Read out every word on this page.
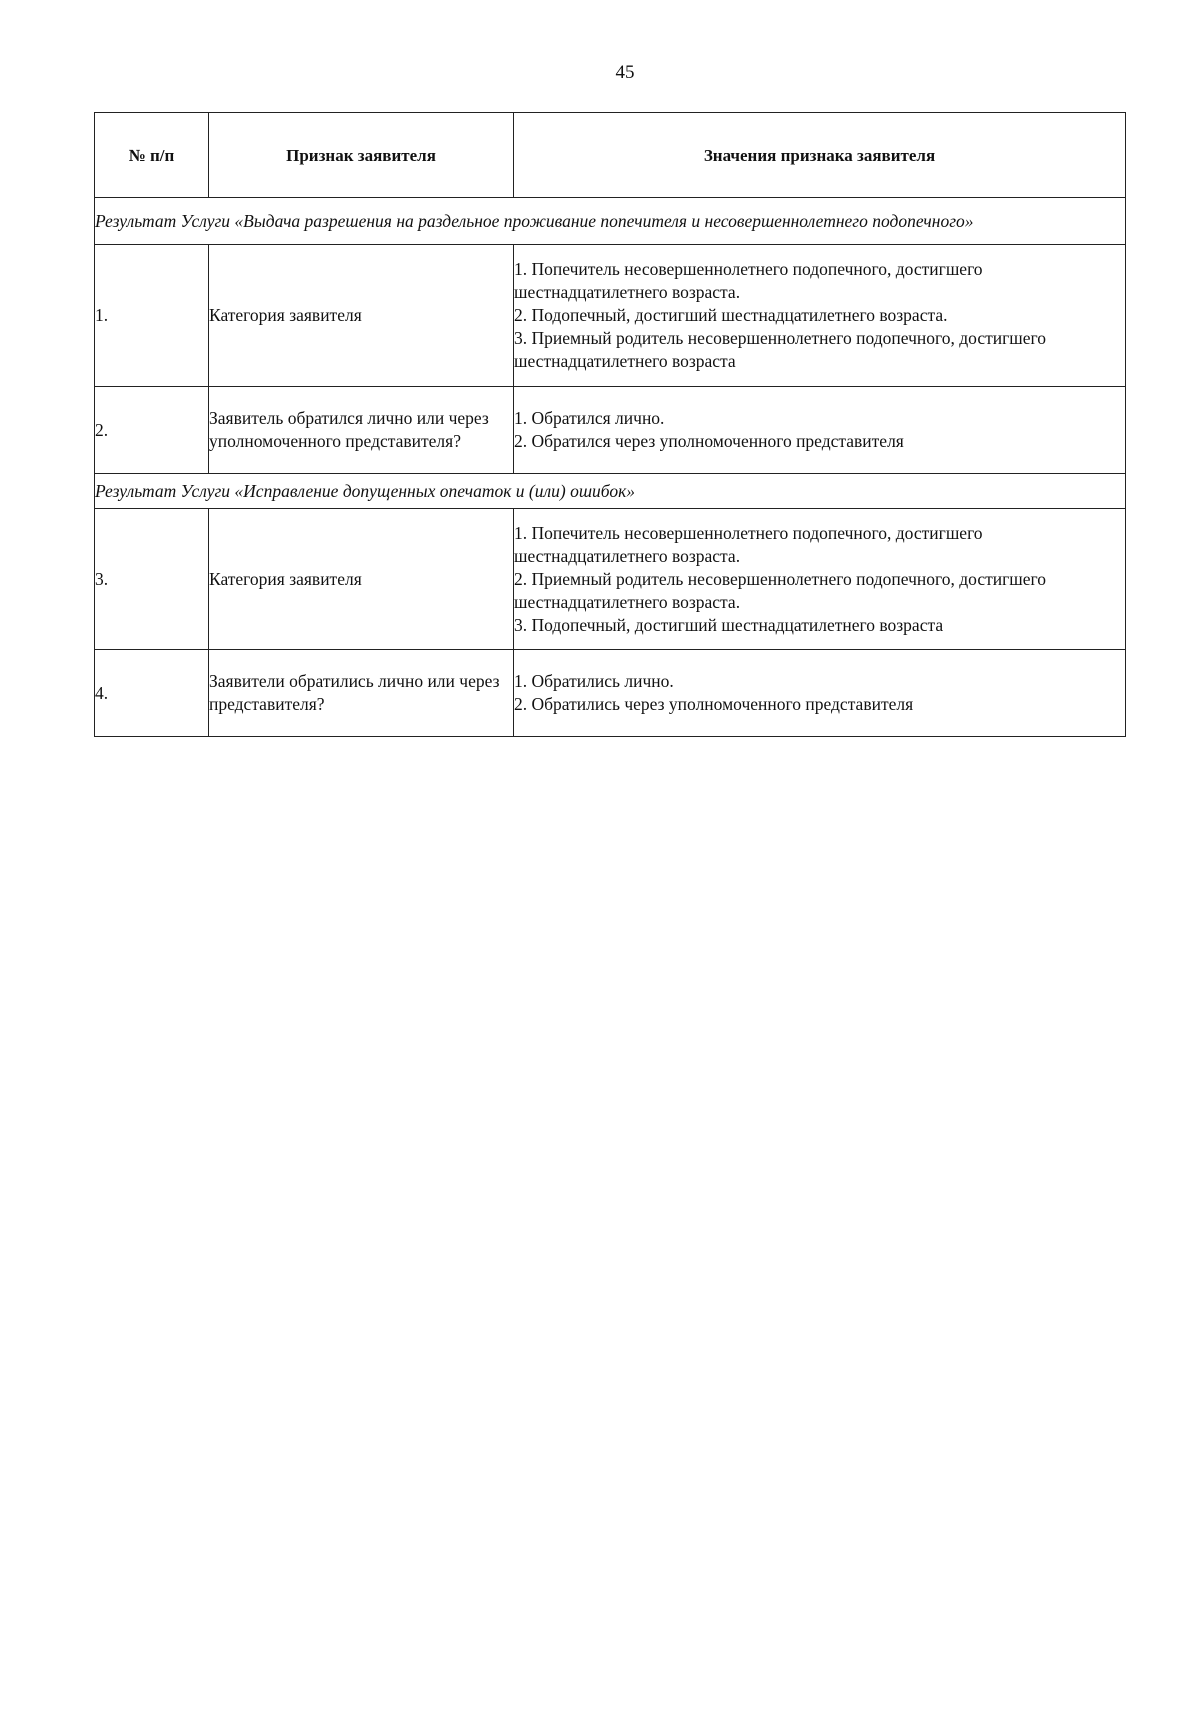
45
№ п/п	Признак заявителя	Значения признака заявителя
Результат Услуги «Выдача разрешения на раздельное проживание попечителя и несовершеннолетнего подопечного»		
1.	Категория заявителя	1. Попечитель несовершеннолетнего подопечного, достигшего шестнадцатилетнего возраста.
2. Подопечный, достигший шестнадцатилетнего возраста.
3. Приемный родитель несовершеннолетнего подопечного, достигшего шестнадцатилетнего возраста

2.	Заявитель обратился лично или через уполномоченного представителя?	1. Обратился лично.
2. Обратился через уполномоченного представителя

Результат Услуги «Исправление допущенных опечаток и (или) ошибок»		
3.	Категория заявителя	1. Попечитель несовершеннолетнего подопечного, достигшего шестнадцатилетнего возраста.
2. Приемный родитель несовершеннолетнего подопечного, достигшего шестнадцатилетнего возраста.
3. Подопечный, достигший шестнадцатилетнего возраста

4.	Заявители обратились лично или через представителя?	1. Обратились лично.
2. Обратились через уполномоченного представителя
